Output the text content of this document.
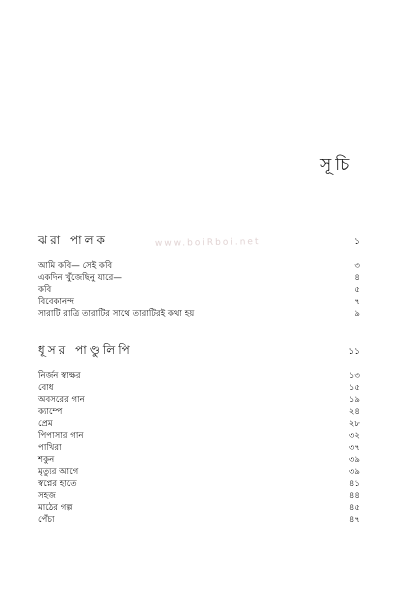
সূচি
www.boiRboi.net
ঝরা পালক	১
আমি কবি— সেই কবি	৩
একদিন খুঁজেছিনু যারে—	৪
কবি	৫
বিবেকানন্দ	৭
সারাটি রাত্রি তারাটির সাথে তারাটিরই কথা হয়	৯
ধূসর পাণ্ডুলিপি	১১
নির্জন স্বাক্ষর	১৩
বোধ	১৫
অবসরের গান	১৯
ক্যাম্পে	২৪
প্রেম	২৮
পিপাসার গান	৩২
পাখিরা	৩৭
শকুন	৩৯
মৃত্যুর আগে	৩৯
স্বপ্নের হাতে	৪১
সহজ	৪৪
মাঠের গল্প	৪৫
পেঁচা	৪৭
